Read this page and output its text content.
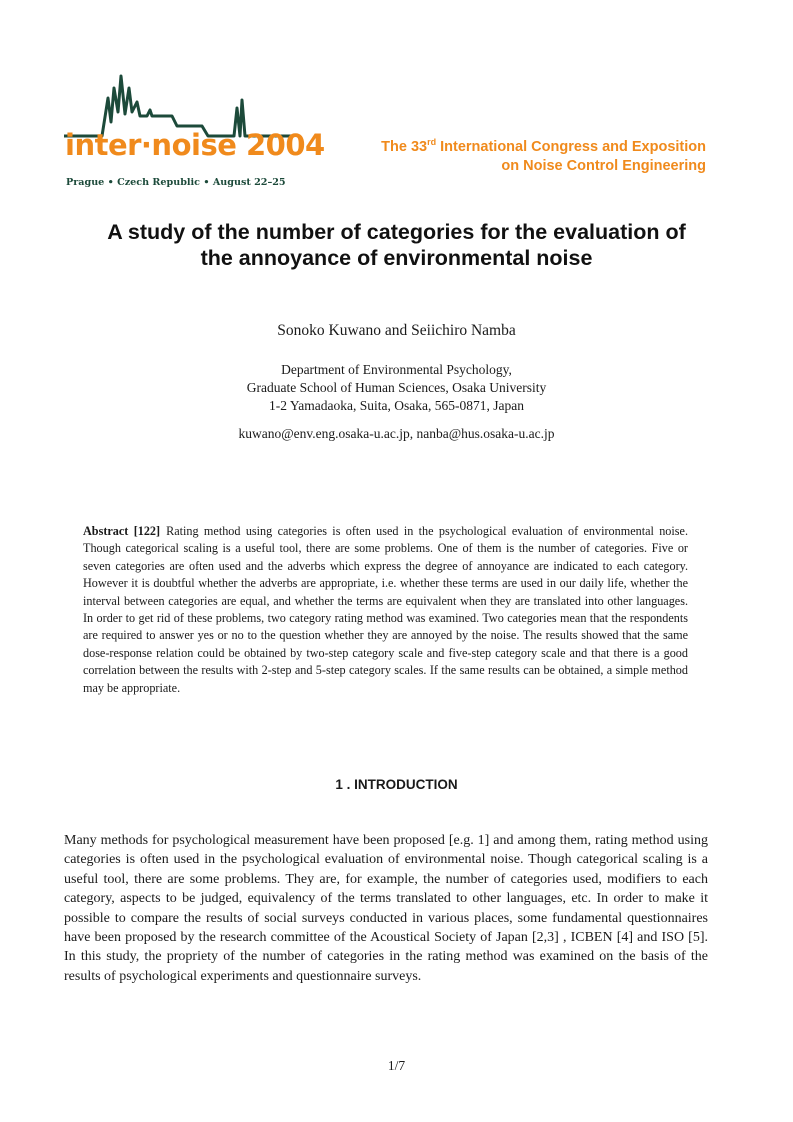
inter·noise 2004
Prague • Czech Republic • August 22–25
The 33rd International Congress and Exposition
on Noise Control Engineering
A study of the number of categories for the evaluation of
the annoyance of environmental noise
Sonoko Kuwano and Seiichiro Namba
Department of Environmental Psychology,
Graduate School of Human Sciences, Osaka University
1-2 Yamadaoka, Suita, Osaka, 565-0871, Japan
kuwano@env.eng.osaka-u.ac.jp, nanba@hus.osaka-u.ac.jp
Abstract [122] Rating method using categories is often used in the psychological evaluation of environmental noise. Though categorical scaling is a useful tool, there are some problems. One of them is the number of categories. Five or seven categories are often used and the adverbs which express the degree of annoyance are indicated to each category. However it is doubtful whether the adverbs are appropriate, i.e. whether these terms are used in our daily life, whether the interval between categories are equal, and whether the terms are equivalent when they are translated into other languages. In order to get rid of these problems, two category rating method was examined. Two categories mean that the respondents are required to answer yes or no to the question whether they are annoyed by the noise. The results showed that the same dose-response relation could be obtained by two-step category scale and five-step category scale and that there is a good correlation between the results with 2-step and 5-step category scales. If the same results can be obtained, a simple method may be appropriate.
1 . INTRODUCTION
Many methods for psychological measurement have been proposed [e.g. 1] and among them, rating method using categories is often used in the psychological evaluation of environmental noise. Though categorical scaling is a useful tool, there are some problems. They are, for example, the number of categories used, modifiers to each category, aspects to be judged, equivalency of the terms translated to other languages, etc. In order to make it possible to compare the results of social surveys conducted in various places, some fundamental questionnaires have been proposed by the research committee of the Acoustical Society of Japan [2,3] , ICBEN [4] and ISO [5]. In this study, the propriety of the number of categories in the rating method was examined on the basis of the results of psychological experiments and questionnaire surveys.
1/7
